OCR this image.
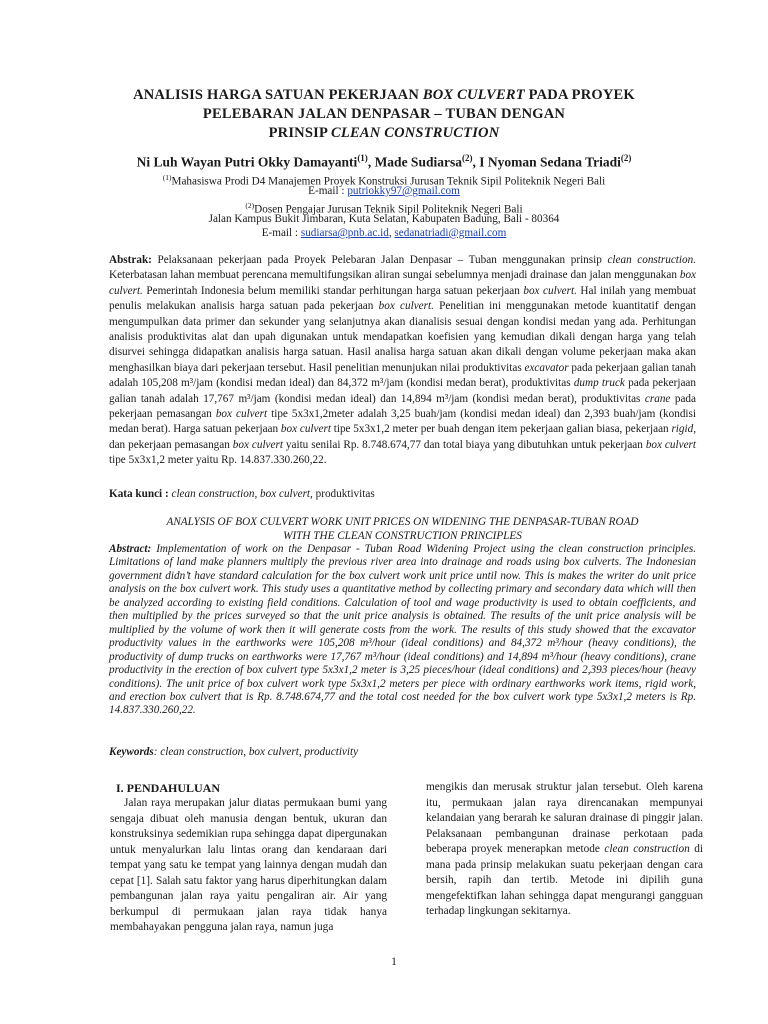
ANALISIS HARGA SATUAN PEKERJAAN BOX CULVERT PADA PROYEK
PELEBARAN JALAN DENPASAR – TUBAN DENGAN
PRINSIP CLEAN CONSTRUCTION
Ni Luh Wayan Putri Okky Damayanti$^{(1)}$, Made Sudiarsa$^{(2)}$, I Nyoman Sedana Triadi$^{(2)}$
$^{(1)}$Mahasiswa Prodi D4 Manajemen Proyek Konstruksi Jurusan Teknik Sipil Politeknik Negeri Bali
E-mail : putriokky97@gmail.com
$^{(2)}$Dosen Pengajar Jurusan Teknik Sipil Politeknik Negeri Bali
Jalan Kampus Bukit Jimbaran, Kuta Selatan, Kabupaten Badung, Bali - 80364
E-mail : sudiarsa@pnb.ac.id, sedanatriadi@gmail.com
Abstrak: Pelaksanaan pekerjaan pada Proyek Pelebaran Jalan Denpasar – Tuban menggunakan prinsip clean construction. Keterbatasan lahan membuat perencana memultifungsikan aliran sungai sebelumnya menjadi drainase dan jalan menggunakan box culvert. Pemerintah Indonesia belum memiliki standar perhitungan harga satuan pekerjaan box culvert. Hal inilah yang membuat penulis melakukan analisis harga satuan pada pekerjaan box culvert. Penelitian ini menggunakan metode kuantitatif dengan mengumpulkan data primer dan sekunder yang selanjutnya akan dianalisis sesuai dengan kondisi medan yang ada. Perhitungan analisis produktivitas alat dan upah digunakan untuk mendapatkan koefisien yang kemudian dikali dengan harga yang telah disurvei sehingga didapatkan analisis harga satuan. Hasil analisa harga satuan akan dikali dengan volume pekerjaan maka akan menghasilkan biaya dari pekerjaan tersebut. Hasil penelitian menunjukan nilai produktivitas excavator pada pekerjaan galian tanah adalah 105,208 m³/jam (kondisi medan ideal) dan 84,372 m³/jam (kondisi medan berat), produktivitas dump truck pada pekerjaan galian tanah adalah 17,767 m³/jam (kondisi medan ideal) dan 14,894 m³/jam (kondisi medan berat), produktivitas crane pada pekerjaan pemasangan box culvert tipe 5x3x1,2meter adalah 3,25 buah/jam (kondisi medan ideal) dan 2,393 buah/jam (kondisi medan berat). Harga satuan pekerjaan box culvert tipe 5x3x1,2 meter per buah dengan item pekerjaan galian biasa, pekerjaan rigid, dan pekerjaan pemasangan box culvert yaitu senilai Rp. 8.748.674,77 dan total biaya yang dibutuhkan untuk pekerjaan box culvert tipe 5x3x1,2 meter yaitu Rp. 14.837.330.260,22.
Kata kunci : clean construction, box culvert, produktivitas
ANALYSIS OF BOX CULVERT WORK UNIT PRICES ON WIDENING THE DENPASAR-TUBAN ROAD
WITH THE CLEAN CONSTRUCTION PRINCIPLES
Abstract: Implementation of work on the Denpasar - Tuban Road Widening Project using the clean construction principles. Limitations of land make planners multiply the previous river area into drainage and roads using box culverts. The Indonesian government didn’t have standard calculation for the box culvert work unit price until now. This is makes the writer do unit price analysis on the box culvert work. This study uses a quantitative method by collecting primary and secondary data which will then be analyzed according to existing field conditions. Calculation of tool and wage productivity is used to obtain coefficients, and then multiplied by the prices surveyed so that the unit price analysis is obtained. The results of the unit price analysis will be multiplied by the volume of work then it will generate costs from the work. The results of this study showed that the excavator productivity values in the earthworks were 105,208 m³/hour (ideal conditions) and 84,372 m³/hour (heavy conditions), the productivity of dump trucks on earthworks were 17,767 m³/hour (ideal conditions) and 14,894 m³/hour (heavy conditions), crane productivity in the erection of box culvert type 5x3x1,2 meter is 3,25 pieces/hour (ideal conditions) and 2,393 pieces/hour (heavy conditions). The unit price of box culvert work type 5x3x1,2 meters per piece with ordinary earthworks work items, rigid work, and erection box culvert that is Rp. 8.748.674,77 and the total cost needed for the box culvert work type 5x3x1,2 meters is Rp. 14.837.330.260,22.
Keywords: clean construction, box culvert, productivity
I. PENDAHULUAN

Jalan raya merupakan jalur diatas permukaan bumi yang sengaja dibuat oleh manusia dengan bentuk, ukuran dan konstruksinya sedemikian rupa sehingga dapat dipergunakan untuk menyalurkan lalu lintas orang dan kendaraan dari tempat yang satu ke tempat yang lainnya dengan mudah dan cepat [1]. Salah satu faktor yang harus diperhitungkan dalam pembangunan jalan raya yaitu pengaliran air. Air yang berkumpul di permukaan jalan raya tidak hanya membahayakan pengguna jalan raya, namun juga

mengikis dan merusak struktur jalan tersebut. Oleh karena itu, permukaan jalan raya direncanakan mempunyai kelandaian yang berarah ke saluran drainase di pinggir jalan. Pelaksanaan pembangunan drainase perkotaan pada beberapa proyek menerapkan metode clean construction di mana pada prinsip melakukan suatu pekerjaan dengan cara bersih, rapih dan tertib. Metode ini dipilih guna mengefektifkan lahan sehingga dapat mengurangi gangguan terhadap lingkungan sekitarnya.

1
